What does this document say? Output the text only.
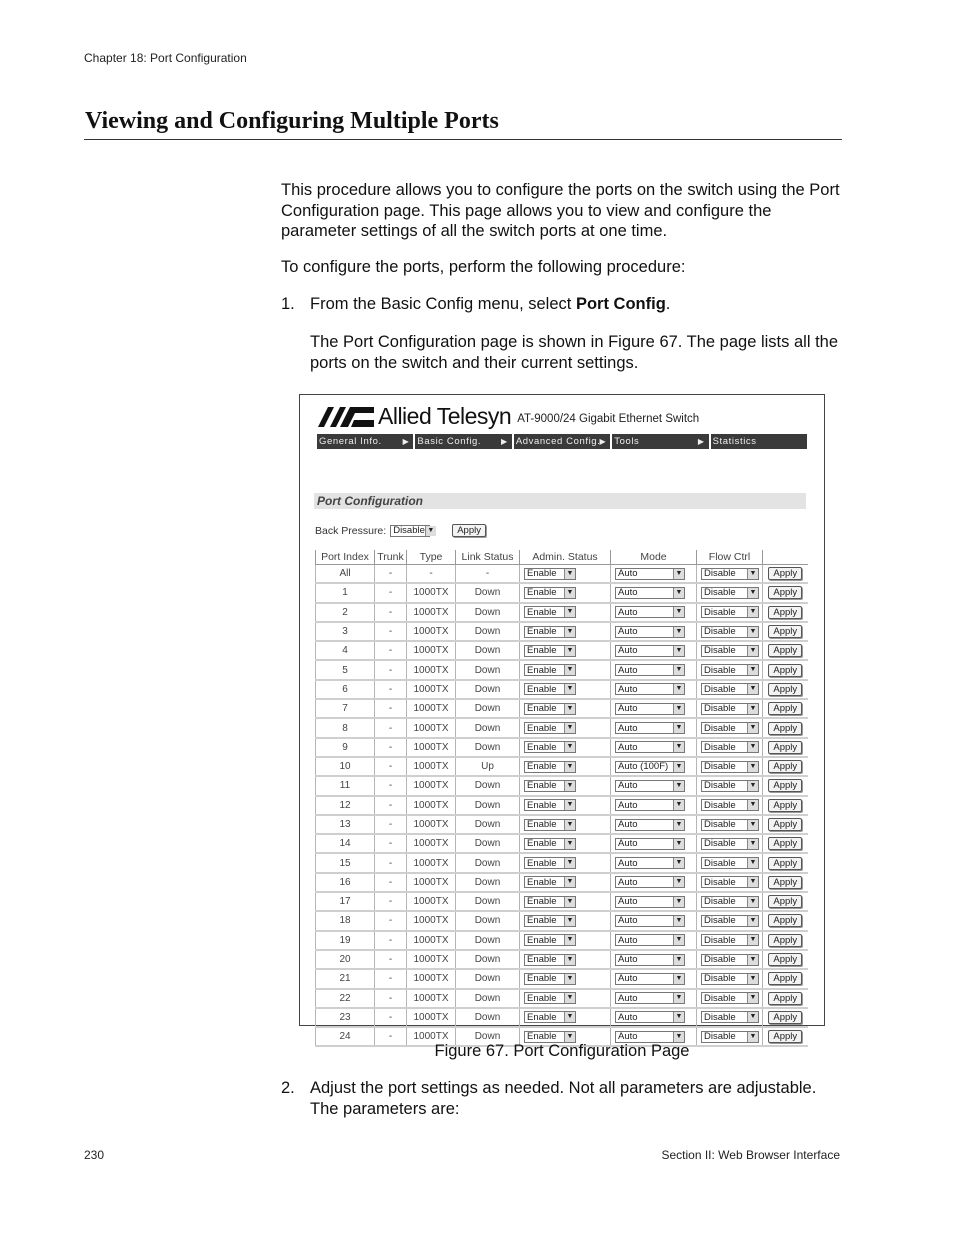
Chapter 18: Port Configuration
Viewing and Configuring Multiple Ports
This procedure allows you to configure the ports on the switch using the Port Configuration page. This page allows you to view and configure the parameter settings of all the switch ports at one time.
To configure the ports, perform the following procedure:
1. From the Basic Config menu, select Port Config.
The Port Configuration page is shown in Figure 67. The page lists all the ports on the switch and their current settings.
Allied Telesyn AT-9000/24 Gigabit Ethernet Switch
General Info.	▶ Basic Config. ▶ Advanced Config. ▶ Tools	▶ Statistics
Port Configuration
Back Pressure: Disable ▼	Apply
Port Index	Trunk	Type	Link Status	Admin. Status	Mode	Flow Ctrl	
All	-	-	-	Enable ▼	Auto ▼	Disable ▼	Apply
1	-	1000TX	Down	Enable ▼	Auto ▼	Disable ▼	Apply
2	-	1000TX	Down	Enable ▼	Auto ▼	Disable ▼	Apply
3	-	1000TX	Down	Enable ▼	Auto ▼	Disable ▼	Apply
4	-	1000TX	Down	Enable ▼	Auto ▼	Disable ▼	Apply
5	-	1000TX	Down	Enable ▼	Auto ▼	Disable ▼	Apply
6	-	1000TX	Down	Enable ▼	Auto ▼	Disable ▼	Apply
7	-	1000TX	Down	Enable ▼	Auto ▼	Disable ▼	Apply
8	-	1000TX	Down	Enable ▼	Auto ▼	Disable ▼	Apply
9	-	1000TX	Down	Enable ▼	Auto ▼	Disable ▼	Apply
10	-	1000TX	Up	Enable ▼	Auto (100F) ▼	Disable ▼	Apply
11	-	1000TX	Down	Enable ▼	Auto ▼	Disable ▼	Apply
12	-	1000TX	Down	Enable ▼	Auto ▼	Disable ▼	Apply
13	-	1000TX	Down	Enable ▼	Auto ▼	Disable ▼	Apply
14	-	1000TX	Down	Enable ▼	Auto ▼	Disable ▼	Apply
15	-	1000TX	Down	Enable ▼	Auto ▼	Disable ▼	Apply
16	-	1000TX	Down	Enable ▼	Auto ▼	Disable ▼	Apply
17	-	1000TX	Down	Enable ▼	Auto ▼	Disable ▼	Apply
18	-	1000TX	Down	Enable ▼	Auto ▼	Disable ▼	Apply
19	-	1000TX	Down	Enable ▼	Auto ▼	Disable ▼	Apply
20	-	1000TX	Down	Enable ▼	Auto ▼	Disable ▼	Apply
21	-	1000TX	Down	Enable ▼	Auto ▼	Disable ▼	Apply
22	-	1000TX	Down	Enable ▼	Auto ▼	Disable ▼	Apply
23	-	1000TX	Down	Enable ▼	Auto ▼	Disable ▼	Apply
24	-	1000TX	Down	Enable ▼	Auto ▼	Disable ▼	Apply
Figure 67. Port Configuration Page
2. Adjust the port settings as needed. Not all parameters are adjustable. The parameters are:
230	Section II: Web Browser Interface
